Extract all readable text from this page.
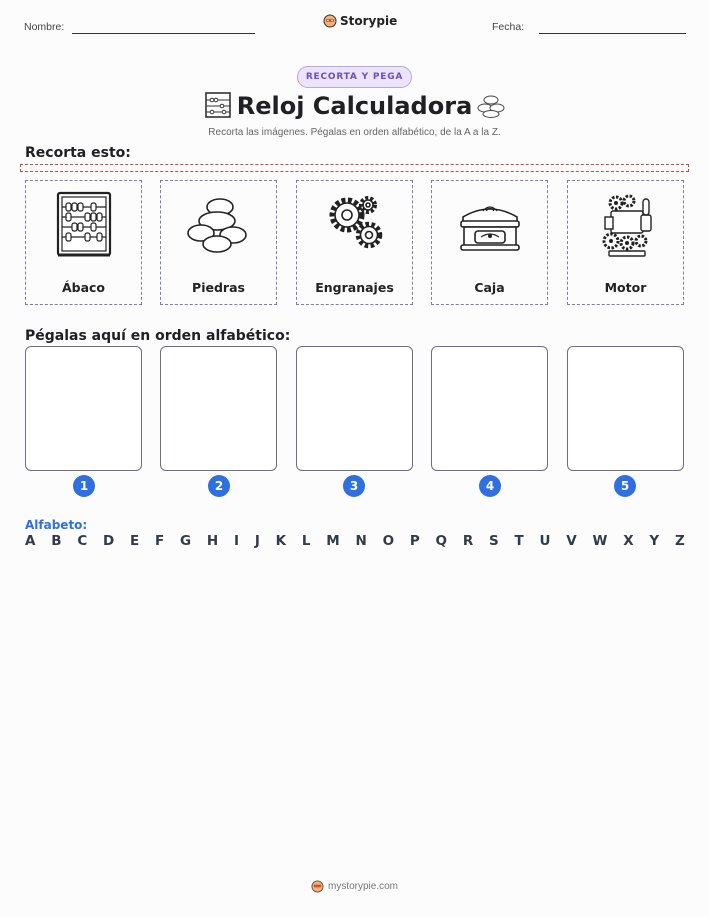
Nombre:	Storypie	Fecha:
RECORTA Y PEGA
Reloj Calculadora
Recorta las imágenes. Pégalas en orden alfabético, de la A a la Z.
Recorta esto:
Ábaco	Piedras	Engranajes	Caja	Motor
Pégalas aquí en orden alfabético:
1	2	3	4	5
Alfabeto:
A B C D E F G H I J K L M N O P Q R S T U V W X Y Z
mystorypie.com
